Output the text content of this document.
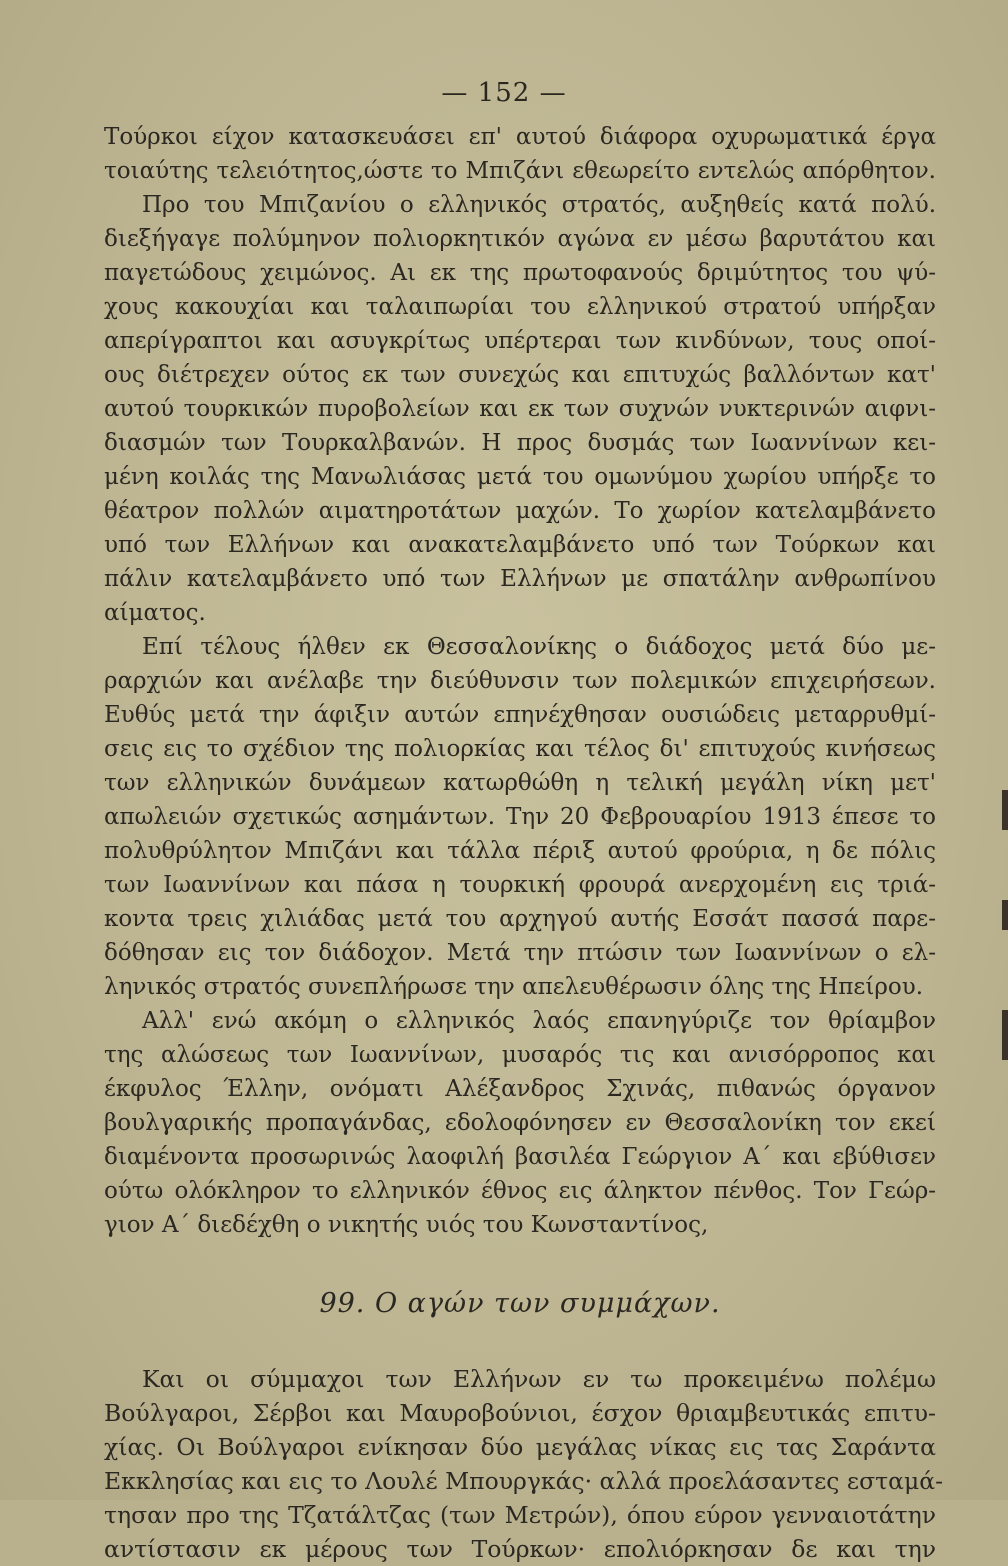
— 152 —
Τούρκοι είχον κατασκευάσει επ' αυτού διάφορα οχυρωματικά έργα
τοιαύτης τελειότητος,ώστε το Μπιζάνι εθεωρείτο εντελώς απόρθητον.
Προ του Μπιζανίου ο ελληνικός στρατός, αυξηθείς κατά πολύ.
διεξήγαγε πολύμηνον πολιορκητικόν αγώνα εν μέσω βαρυτάτου και
παγετώδους χειμώνος. Αι εκ της πρωτοφανούς δριμύτητος του ψύ-
χους κακουχίαι και ταλαιπωρίαι του ελληνικού στρατού υπήρξαν
απερίγραπτοι και ασυγκρίτως υπέρτεραι των κινδύνων, τους οποί-
ους διέτρεχεν ούτος εκ των συνεχώς και επιτυχώς βαλλόντων κατ'
αυτού τουρκικών πυροβολείων και εκ των συχνών νυκτερινών αιφνι-
διασμών των Τουρκαλβανών. Η προς δυσμάς των Ιωαννίνων κει-
μένη κοιλάς της Μανωλιάσας μετά του ομωνύμου χωρίου υπήρξε το
θέατρον πολλών αιματηροτάτων μαχών. Το χωρίον κατελαμβάνετο
υπό των Ελλήνων και ανακατελαμβάνετο υπό των Τούρκων και
πάλιν κατελαμβάνετο υπό των Ελλήνων με σπατάλην ανθρωπίνου
αίματος.
Επί τέλους ήλθεν εκ Θεσσαλονίκης ο διάδοχος μετά δύο με-
ραρχιών και ανέλαβε την διεύθυνσιν των πολεμικών επιχειρήσεων.
Ευθύς μετά την άφιξιν αυτών επηνέχθησαν ουσιώδεις μεταρρυθμί-
σεις εις το σχέδιον της πολιορκίας και τέλος δι' επιτυχούς κινήσεως
των ελληνικών δυνάμεων κατωρθώθη η τελική μεγάλη νίκη μετ'
απωλειών σχετικώς ασημάντων. Την 20 Φεβρουαρίου 1913 έπεσε το
πολυθρύλητον Μπιζάνι και τάλλα πέριξ αυτού φρούρια, η δε πόλις
των Ιωαννίνων και πάσα η τουρκική φρουρά ανερχομένη εις τριά-
κοντα τρεις χιλιάδας μετά του αρχηγού αυτής Εσσάτ πασσά παρε-
δόθησαν εις τον διάδοχον. Μετά την πτώσιν των Ιωαννίνων ο ελ-
ληνικός στρατός συνεπλήρωσε την απελευθέρωσιν όλης της Ηπείρου.
Αλλ' ενώ ακόμη ο ελληνικός λαός επανηγύριζε τον θρίαμβον
της αλώσεως των Ιωαννίνων, μυσαρός τις και ανισόρροπος και
έκφυλος Έλλην, ονόματι Αλέξανδρος Σχινάς, πιθανώς όργανον
βουλγαρικής προπαγάνδας, εδολοφόνησεν εν Θεσσαλονίκη τον εκεί
διαμένοντα προσωρινώς λαοφιλή βασιλέα Γεώργιον Α΄ και εβύθισεν
ούτω ολόκληρον το ελληνικόν έθνος εις άληκτον πένθος. Τον Γεώρ-
γιον Α΄ διεδέχθη ο νικητής υιός του Κωνσταντίνος,
99. Ο αγών των συμμάχων.
Και οι σύμμαχοι των Ελλήνων εν τω προκειμένω πολέμω
Βούλγαροι, Σέρβοι και Μαυροβούνιοι, έσχον θριαμβευτικάς επιτυ-
χίας. Οι Βούλγαροι ενίκησαν δύο μεγάλας νίκας εις τας Σαράντα
Εκκλησίας και εις το Λουλέ Μπουργκάς· αλλά προελάσαντες εσταμά-
τησαν προ της Τζατάλτζας (των Μετρών), όπου εύρον γενναιοτάτην
αντίστασιν εκ μέρους των Τούρκων· επολιόρκησαν δε και την
